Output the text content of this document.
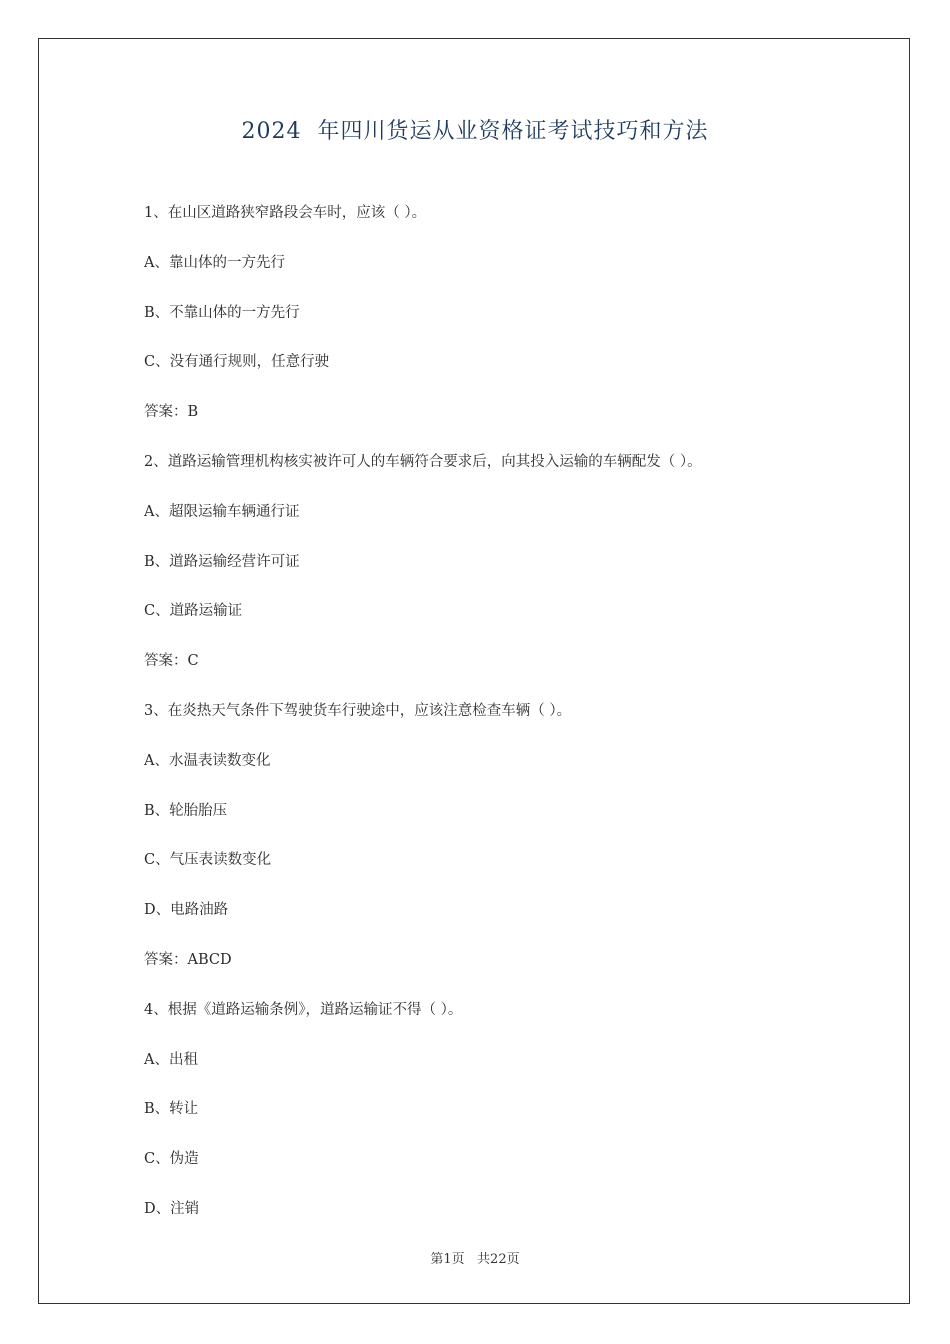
2024  年四川货运从业资格证考试技巧和方法
1、在山区道路狭窄路段会车时，应该（ ）。
A、靠山体的一方先行
B、不靠山体的一方先行
C、没有通行规则，任意行驶
答案：B
2、道路运输管理机构核实被许可人的车辆符合要求后，向其投入运输的车辆配发（ ）。
A、超限运输车辆通行证
B、道路运输经营许可证
C、道路运输证
答案：C
3、在炎热天气条件下驾驶货车行驶途中，应该注意检查车辆（ ）。
A、水温表读数变化
B、轮胎胎压
C、气压表读数变化
D、电路油路
答案：ABCD
4、根据《道路运输条例》，道路运输证不得（ ）。
A、出租
B、转让
C、伪造
D、注销
第1页   共22页
